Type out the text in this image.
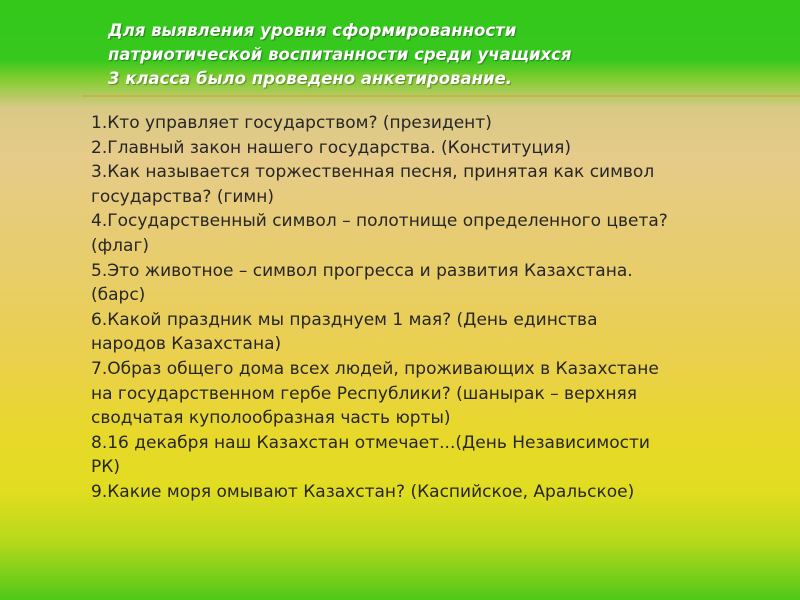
Для выявления уровня сформированности
патриотической воспитанности среди учащихся
3 класса было проведено анкетирование.
1.Кто управляет государством? (президент)
2.Главный закон нашего государства. (Конституция)
3.Как называется торжественная песня, принятая как символ
государства? (гимн)
4.Государственный символ – полотнище определенного цвета?
(флаг)
5.Это животное – символ прогресса и развития Казахстана.
(барс)
6.Какой праздник мы празднуем 1 мая? (День единства
народов Казахстана)
7.Образ общего дома всех людей, проживающих в Казахстане
на государственном гербе Республики? (шанырак – верхняя
сводчатая куполообразная часть юрты)
8.16 декабря наш Казахстан отмечает...(День Независимости
РК)
9.Какие моря омывают Казахстан? (Каспийское, Аральское)
